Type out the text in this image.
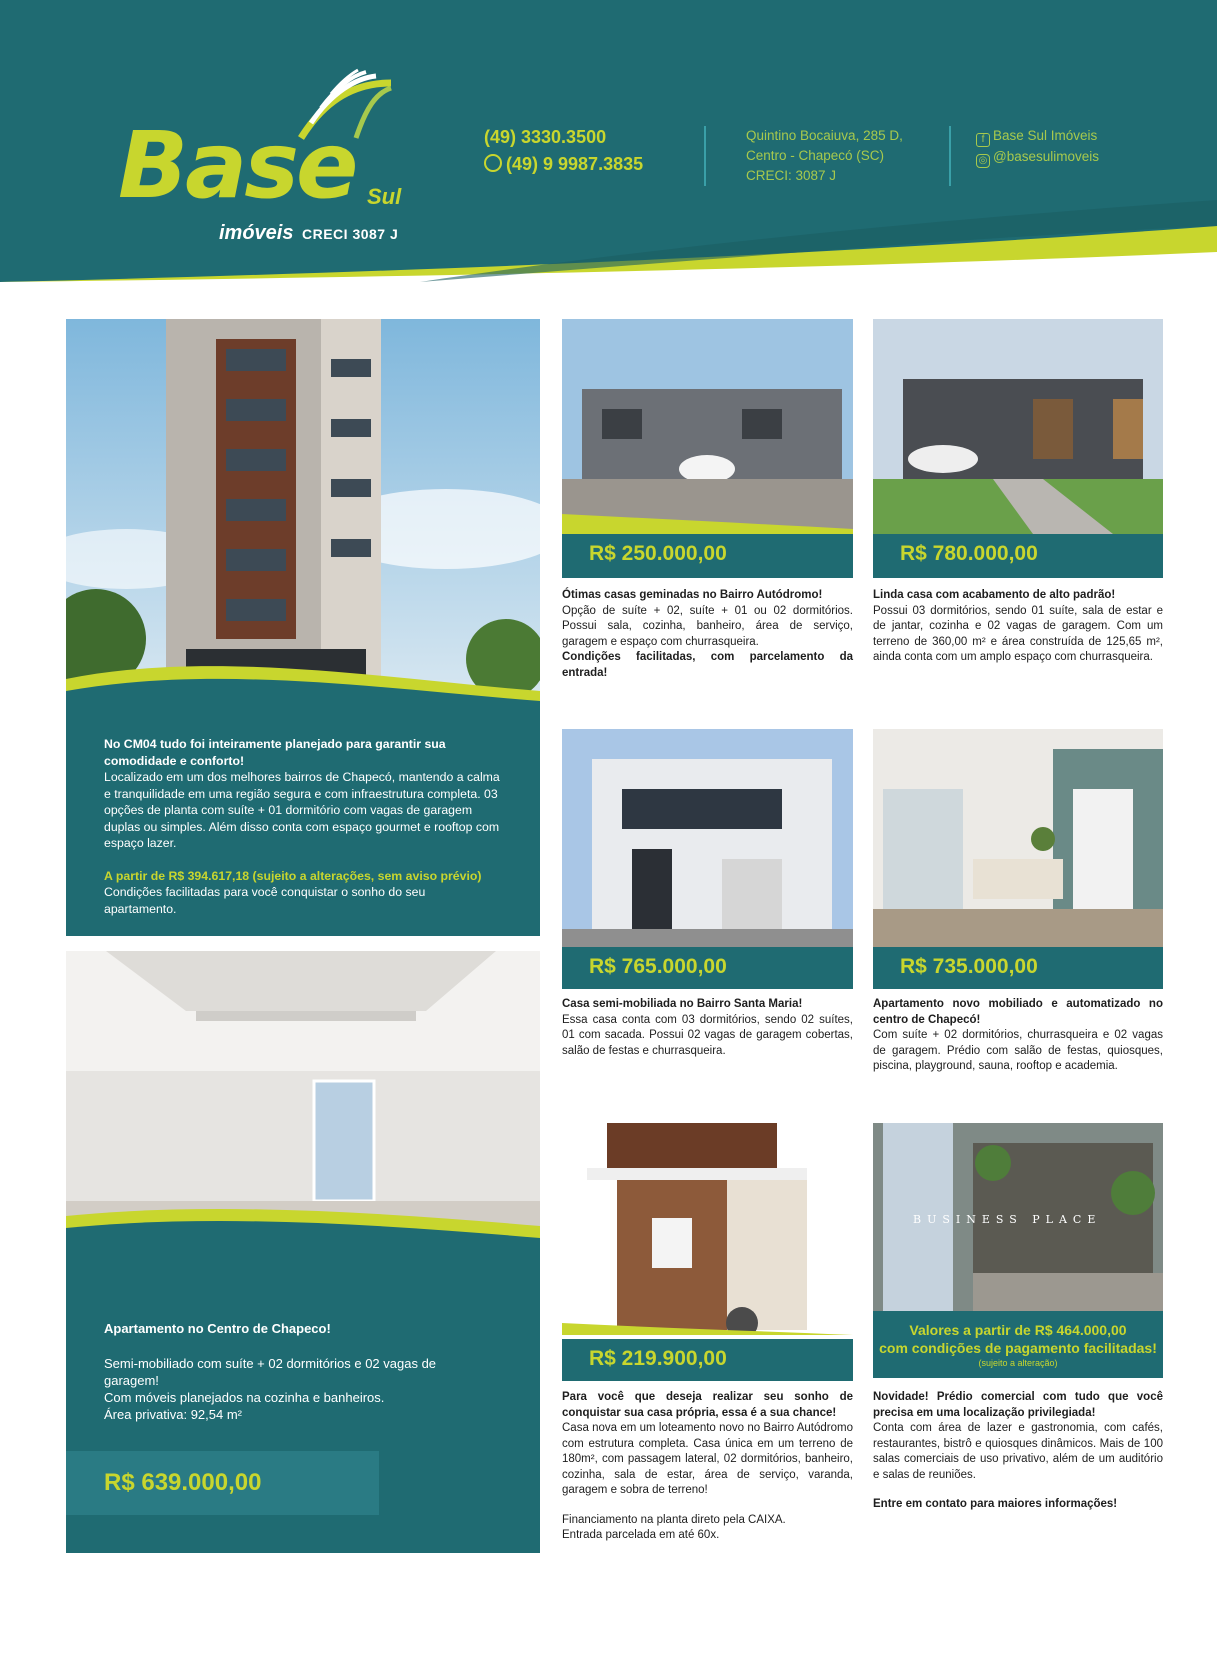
Base Sul
imóveis CRECI 3087 J
(49) 3330.3500
(49) 9 9987.3835
Quintino Bocaiuva, 285 D,
Centro - Chapecó (SC)
CRECI: 3087 J
f Base Sul Imóveis
◎ @basesulimoveis
No CM04 tudo foi inteiramente planejado para garantir sua comodidade e conforto!
Localizado em um dos melhores bairros de Chapecó, mantendo a calma e tranquilidade em uma região segura e com infraestrutura completa. 03 opções de planta com suíte + 01 dormitório com vagas de garagem duplas ou simples. Além disso conta com espaço gourmet e rooftop com espaço lazer.
A partir de R$ 394.617,18 (sujeito a alterações, sem aviso prévio)
Condições facilitadas para você conquistar o sonho do seu apartamento.
Apartamento no Centro de Chapeco!
Semi-mobiliado com suíte + 02 dormitórios e 02 vagas de garagem!
Com móveis planejados na cozinha e banheiros.
Área privativa: 92,54 m²
R$ 639.000,00
R$ 250.000,00
Ótimas casas geminadas no Bairro Autódromo!
Opção de suíte + 02, suíte + 01 ou 02 dormitórios. Possui sala, cozinha, banheiro, área de serviço, garagem e espaço com churrasqueira.
Condições facilitadas, com parcelamento da entrada!
R$ 780.000,00
Linda casa com acabamento de alto padrão!
Possui 03 dormitórios, sendo 01 suíte, sala de estar e de jantar, cozinha e 02 vagas de garagem. Com um terreno de 360,00 m² e área construída de 125,65 m², ainda conta com um amplo espaço com churrasqueira.
R$ 765.000,00
Casa semi-mobiliada no Bairro Santa Maria!
Essa casa conta com 03 dormitórios, sendo 02 suítes, 01 com sacada. Possui 02 vagas de garagem cobertas, salão de festas e churrasqueira.
R$ 735.000,00
Apartamento novo mobiliado e automatizado no centro de Chapecó!
Com suíte + 02 dormitórios, churrasqueira e 02 vagas de garagem. Prédio com salão de festas, quiosques, piscina, playground, sauna, rooftop e academia.
R$ 219.900,00
Para você que deseja realizar seu sonho de conquistar sua casa própria, essa é a sua chance!
Casa nova em um loteamento novo no Bairro Autódromo com estrutura completa. Casa única em um terreno de 180m², com passagem lateral, 02 dormitórios, banheiro, cozinha, sala de estar, área de serviço, varanda, garagem e sobra de terreno!
Financiamento na planta direto pela CAIXA.
Entrada parcelada em até 60x.
BUSINESS PLACE
Valores a partir de R$ 464.000,00
com condições de pagamento facilitadas!
(sujeito a alteração)
Novidade! Prédio comercial com tudo que você precisa em uma localização privilegiada!
Conta com área de lazer e gastronomia, com cafés, restaurantes, bistrô e quiosques dinâmicos. Mais de 100 salas comerciais de uso privativo, além de um auditório e salas de reuniões.
Entre em contato para maiores informações!
